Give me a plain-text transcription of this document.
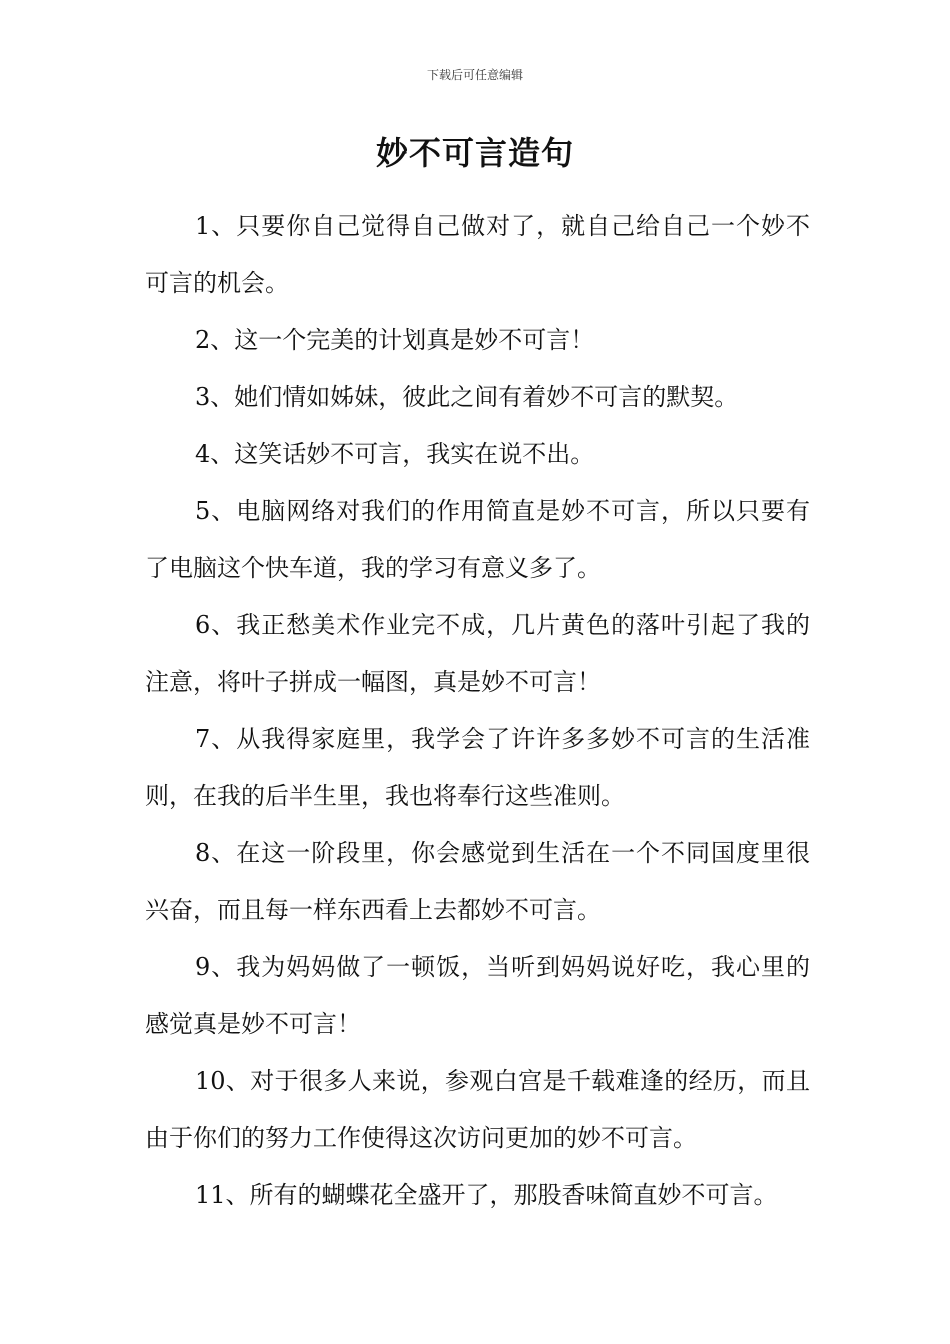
下载后可任意编辑
妙不可言造句

1、只要你自己觉得自己做对了，就自己给自己一个妙不可言的机会。

2、这一个完美的计划真是妙不可言！

3、她们情如姊妹，彼此之间有着妙不可言的默契。

4、这笑话妙不可言，我实在说不出。

5、电脑网络对我们的作用简直是妙不可言，所以只要有了电脑这个快车道，我的学习有意义多了。

6、我正愁美术作业完不成，几片黄色的落叶引起了我的注意，将叶子拼成一幅图，真是妙不可言！

7、从我得家庭里，我学会了许许多多妙不可言的生活准则，在我的后半生里，我也将奉行这些准则。

8、在这一阶段里，你会感觉到生活在一个不同国度里很兴奋，而且每一样东西看上去都妙不可言。

9、我为妈妈做了一顿饭，当听到妈妈说好吃，我心里的感觉真是妙不可言！

10、对于很多人来说，参观白宫是千载难逢的经历，而且由于你们的努力工作使得这次访问更加的妙不可言。

11、所有的蝴蝶花全盛开了，那股香味简直妙不可言。
